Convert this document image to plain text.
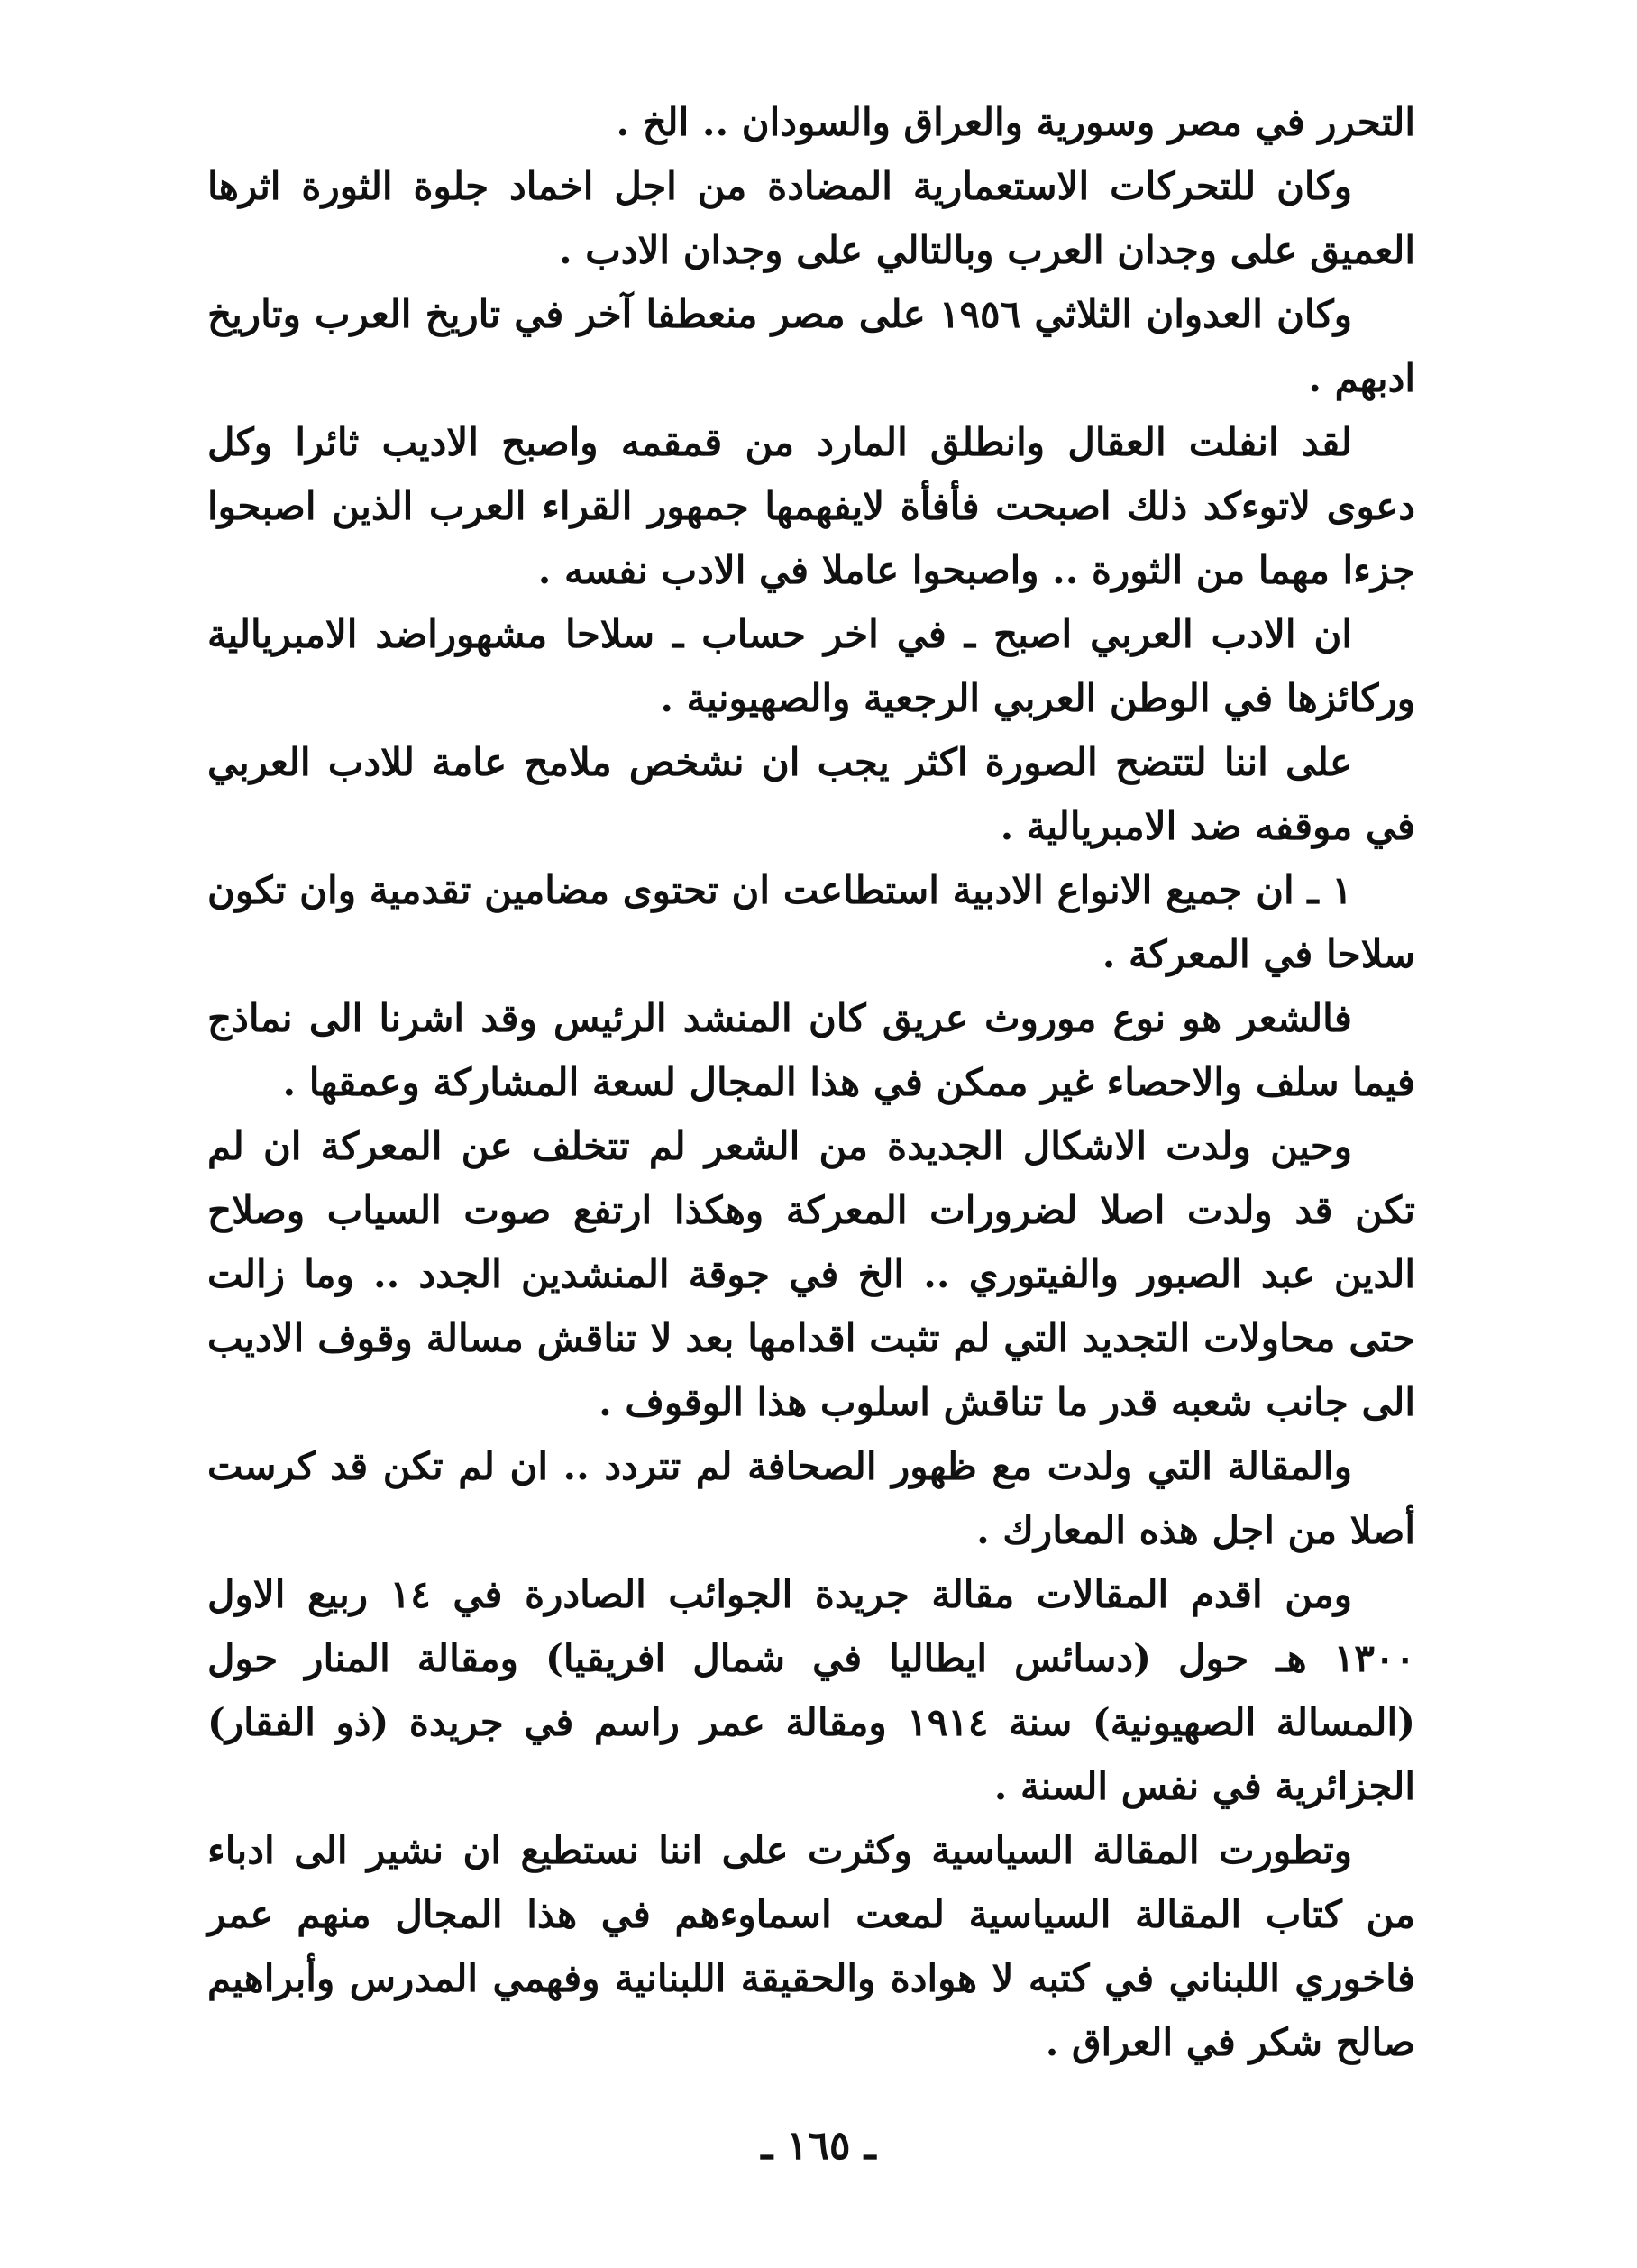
التحرر في مصر وسورية والعراق والسودان .. الخ .

وكان للتحركات الاستعمارية المضادة من اجل اخماد جلوة الثورة اثرها العميق على وجدان العرب وبالتالي على وجدان الادب .

وكان العدوان الثلاثي ١٩٥٦ على مصر منعطفا آخر في تاريخ العرب وتاريخ ادبهم .

لقد انفلت العقال وانطلق المارد من قمقمه واصبح الاديب ثائرا وكل دعوى لاتوءكد ذلك اصبحت فأفأة لايفهمها جمهور القراء العرب الذين اصبحوا جزءا مهما من الثورة .. واصبحوا عاملا في الادب نفسه .

ان الادب العربي اصبح ـ في اخر حساب ـ سلاحا مشهوراضد الامبريالية وركائزها في الوطن العربي الرجعية والصهيونية .

على اننا لتتضح الصورة اكثر يجب ان نشخص ملامح عامة للادب العربي في موقفه ضد الامبريالية .

١ ـ ان جميع الانواع الادبية استطاعت ان تحتوى مضامين تقدمية وان تكون سلاحا في المعركة .

فالشعر هو نوع موروث عريق كان المنشد الرئيس وقد اشرنا الى نماذج فيما سلف والاحصاء غير ممكن في هذا المجال لسعة المشاركة وعمقها .

وحين ولدت الاشكال الجديدة من الشعر لم تتخلف عن المعركة ان لم تكن قد ولدت اصلا لضرورات المعركة وهكذا ارتفع صوت السياب وصلاح الدين عبد الصبور والفيتوري .. الخ في جوقة المنشدين الجدد .. وما زالت حتى محاولات التجديد التي لم تثبت اقدامها بعد لا تناقش مسالة وقوف الاديب الى جانب شعبه قدر ما تناقش اسلوب هذا الوقوف .

والمقالة التي ولدت مع ظهور الصحافة لم تتردد .. ان لم تكن قد كرست أصلا من اجل هذه المعارك .

ومن اقدم المقالات مقالة جريدة الجوائب الصادرة في ١٤ ربيع الاول ١٣٠٠ هـ حول (دسائس ايطاليا في شمال افريقيا) ومقالة المنار حول (المسالة الصهيونية) سنة ١٩١٤ ومقالة عمر راسم في جريدة (ذو الفقار) الجزائرية في نفس السنة .

وتطورت المقالة السياسية وكثرت على اننا نستطيع ان نشير الى ادباء من كتاب المقالة السياسية لمعت اسماوءهم في هذا المجال منهم عمر فاخوري اللبناني في كتبه لا هوادة والحقيقة اللبنانية وفهمي المدرس وأبراهيم صالح شكر في العراق .

ـ ١٦٥ ـ
